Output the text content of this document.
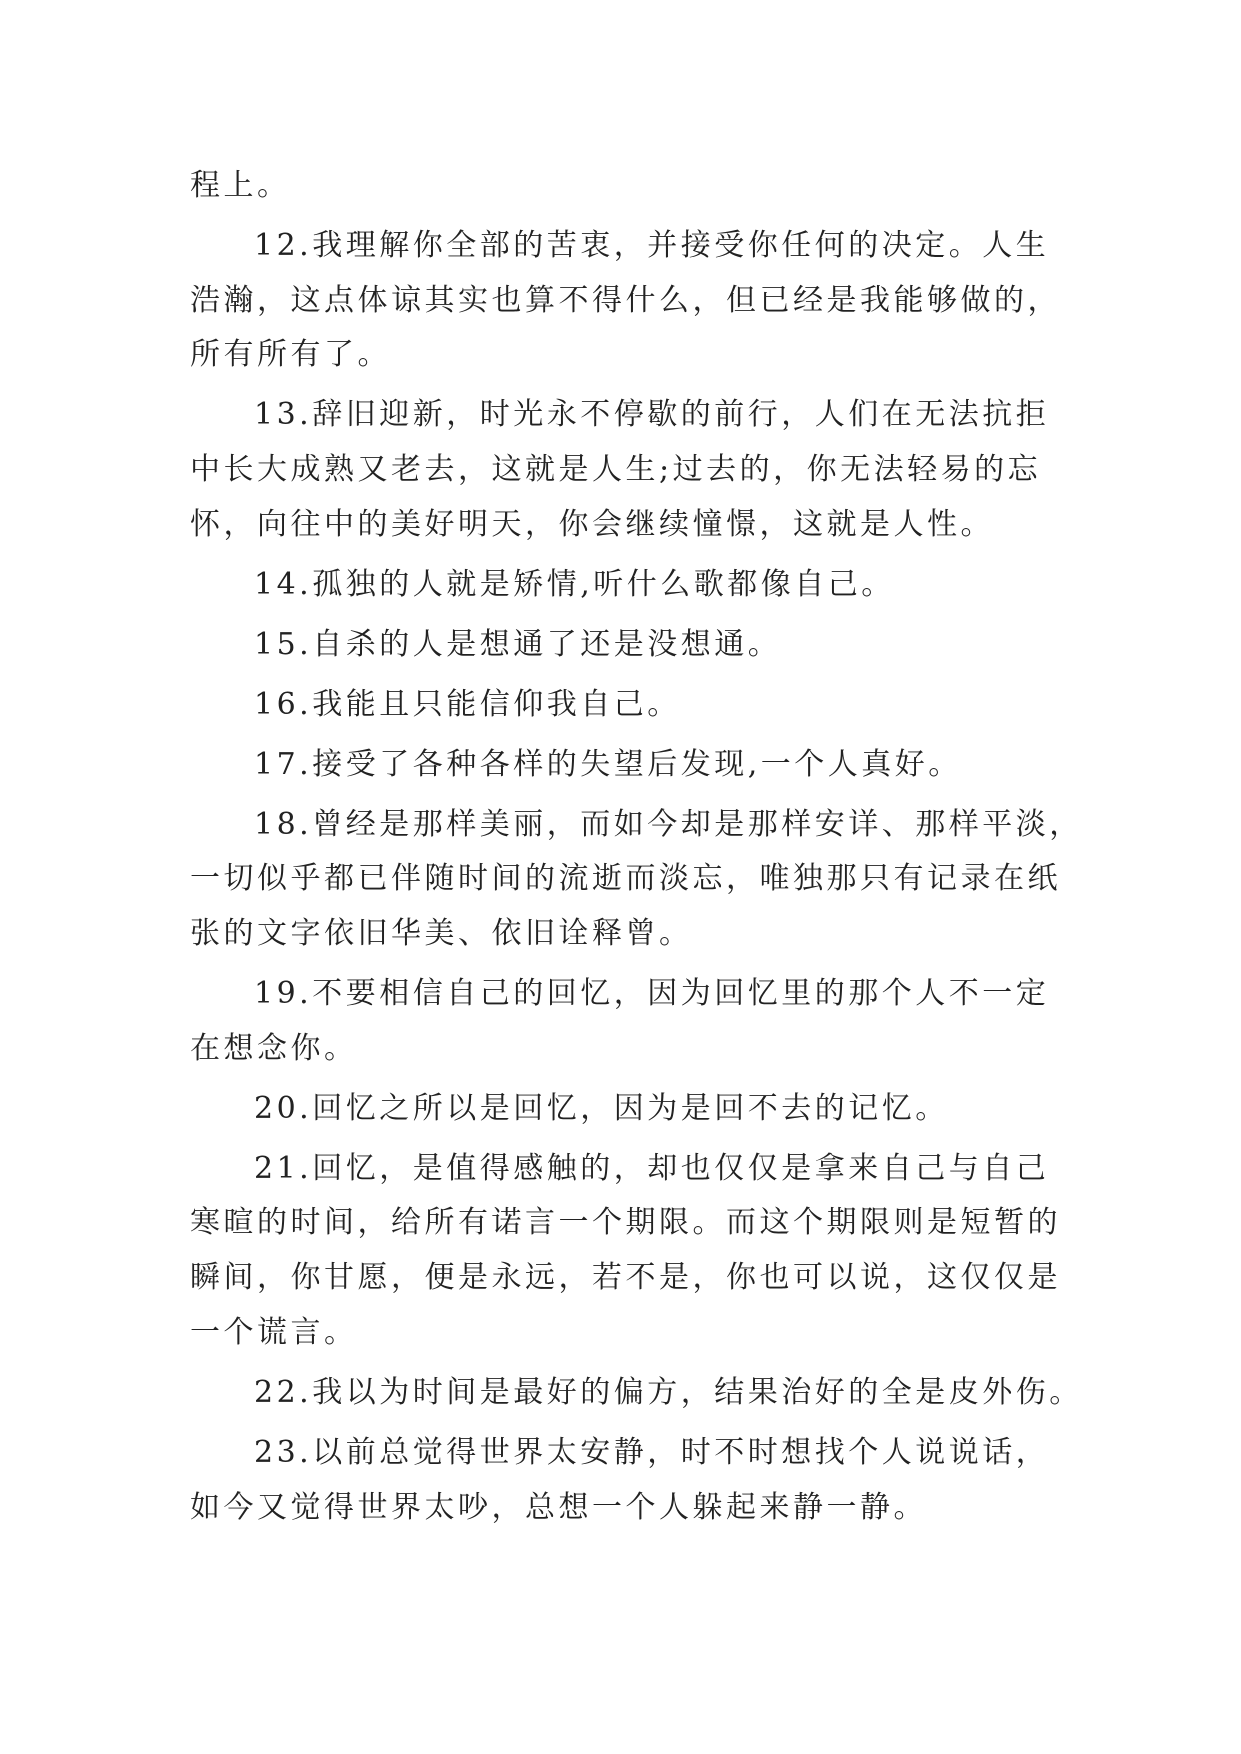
程上。
12.我理解你全部的苦衷，并接受你任何的决定。人生
浩瀚，这点体谅其实也算不得什么，但已经是我能够做的，
所有所有了。
13.辞旧迎新，时光永不停歇的前行，人们在无法抗拒
中长大成熟又老去，这就是人生;过去的，你无法轻易的忘
怀，向往中的美好明天，你会继续憧憬，这就是人性。
14.孤独的人就是矫情,听什么歌都像自己。
15.自杀的人是想通了还是没想通。
16.我能且只能信仰我自己。
17.接受了各种各样的失望后发现,一个人真好。
18.曾经是那样美丽，而如今却是那样安详、那样平淡，
一切似乎都已伴随时间的流逝而淡忘，唯独那只有记录在纸
张的文字依旧华美、依旧诠释曾。
19.不要相信自己的回忆，因为回忆里的那个人不一定
在想念你。
20.回忆之所以是回忆，因为是回不去的记忆。
21.回忆，是值得感触的，却也仅仅是拿来自己与自己
寒暄的时间，给所有诺言一个期限。而这个期限则是短暂的
瞬间，你甘愿，便是永远，若不是，你也可以说，这仅仅是
一个谎言。
22.我以为时间是最好的偏方，结果治好的全是皮外伤。
23.以前总觉得世界太安静，时不时想找个人说说话，
如今又觉得世界太吵，总想一个人躲起来静一静。
